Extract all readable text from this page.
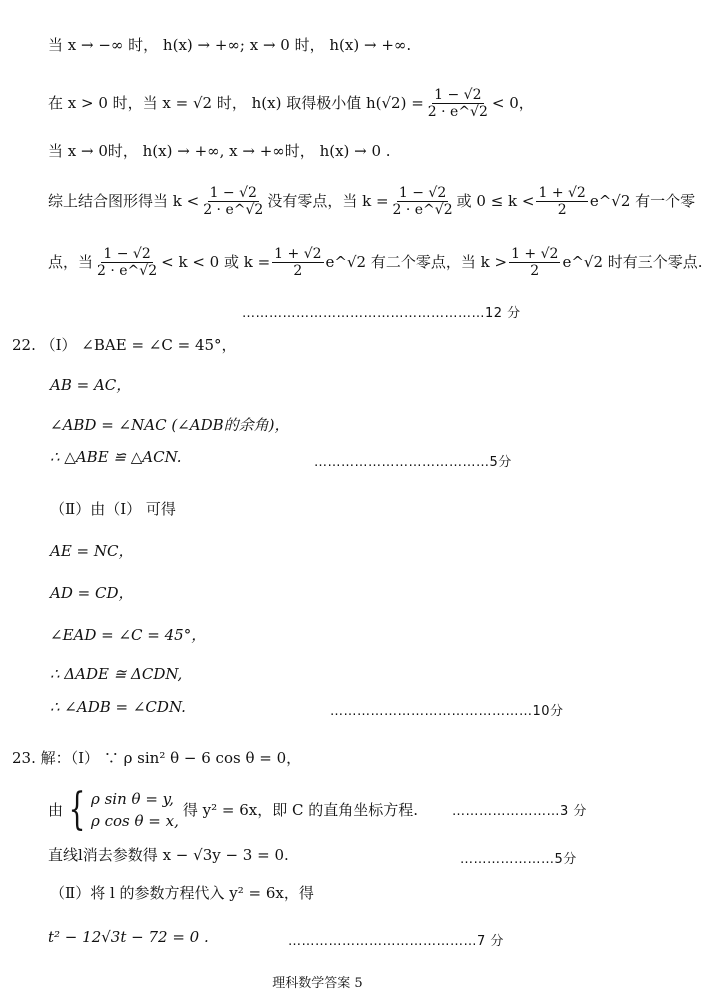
当 x → −∞ 时， h(x) → +∞; x → 0 时， h(x) → +∞.
在 x > 0 时，当 x = √2 时， h(x) 取得极小值 $h(√2) = \frac{1 - √2}{2 \cdot e\^{}√2} < 0$，
当 x → 0时， h(x) → +∞, x → +∞时， h(x) → 0 .
综上结合图形得当 $k < \frac{1 - √2}{2 \cdot e\^{}√2}$ 没有零点，当 $k = \frac{1 - √2}{2 \cdot e\^{}√2}$ 或 $0 \le k < \frac{1 + √2}{2}$ e^√2 有一个零
点，当 $\frac{1 - √2}{2 \cdot e\^{}√2} < k < 0$ 或 $k = \frac{1 + √2}{2}$ e^√2 有二个零点，当 $k > \frac{1 + √2}{2}$ e^√2 时有三个零点.
………………………………………………12 分
22. （Ⅰ） ∠BAE = ∠C = 45°，
AB = AC，
∠ABD = ∠NAC (∠ADB的余角)，
∴ △ABE ≌ △ACN.	…………………………………5分
（Ⅱ）由（Ⅰ） 可得
AE = NC，
AD = CD，
∠EAD = ∠C = 45°，
∴ ΔADE ≅ ΔCDN,
∴ ∠ADB = ∠CDN.	………………………………………10分
23. 解：（Ⅰ） ∵ ρ sin² θ − 6 cos θ = 0，
由 { ρ sin θ = y,
ρ cos θ = x,
得 y² = 6x，即 C 的直角坐标方程.	……………………3 分
直线l消去参数得 x − √3y − 3 = 0.	…………………5分
（Ⅱ）将 l 的参数方程代入 y² = 6x，得
t² − 12√3t − 72 = 0 .	……………………………………7 分
理科数学答案 5
